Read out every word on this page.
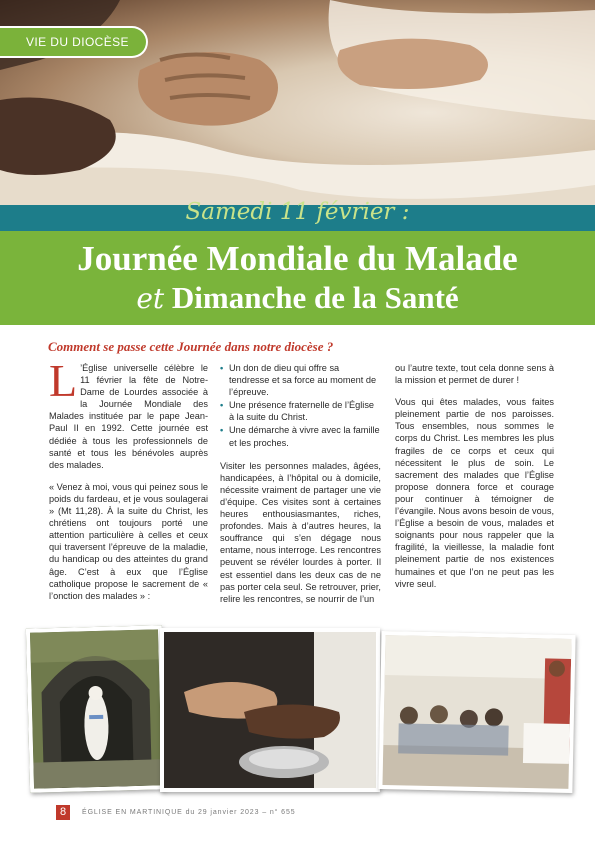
VIE DU DIOCÈSE
Samedi 11 février :
Journée Mondiale du Malade
et Dimanche de la Santé
Comment se passe cette Journée dans notre diocèse ?

L ’Église universelle célèbre le 11 février la fête de Notre-Dame de Lourdes associée à la Journée Mondiale des Malades instituée par le pape Jean-Paul II en 1992. Cette journée est dédiée à tous les professionnels de santé et tous les bénévoles auprès des malades.

« Venez à moi, vous qui peinez sous le poids du fardeau, et je vous soulagerai » (Mt 11,28). À la suite du Christ, les chrétiens ont toujours porté une attention particulière à celles et ceux qui traversent l’épreuve de la maladie, du handicap ou des atteintes du grand âge. C’est à eux que l’Église catholique propose le sacrement de « l’onction des malades » :

• Un don de dieu qui offre sa tendresse et sa force au moment de l’épreuve.
• Une présence fraternelle de l’Église à la suite du Christ.
• Une démarche à vivre avec la famille et les proches.

Visiter les personnes malades, âgées, handicapées, à l’hôpital ou à domicile, nécessite vraiment de partager une vie d’équipe. Ces visites sont à certaines heures enthousiasmantes, riches, profondes. Mais à d’autres heures, la souffrance qui s’en dégage nous entame, nous interroge. Les rencontres peuvent se révéler lourdes à porter. Il est essentiel dans les deux cas de ne pas porter cela seul. Se retrouver, prier, relire les rencontres, se nourrir de l’un

ou l’autre texte, tout cela donne sens à la mission et permet de durer !

Vous qui êtes malades, vous faites pleinement partie de nos paroisses. Tous ensembles, nous sommes le corps du Christ. Les membres les plus fragiles de ce corps et ceux qui nécessitent le plus de soin. Le sacrement des malades que l’Église propose donnera force et courage pour continuer à témoigner de l’évangile. Nous avons besoin de vous, l’Église a besoin de vous, malades et soignants pour nous rappeler que la fragilité, la vieillesse, la maladie font pleinement partie de nos existences humaines et que l’on ne peut pas les vivre seul.

8	ÉGLISE EN MARTINIQUE du 29 janvier 2023 – n° 655
